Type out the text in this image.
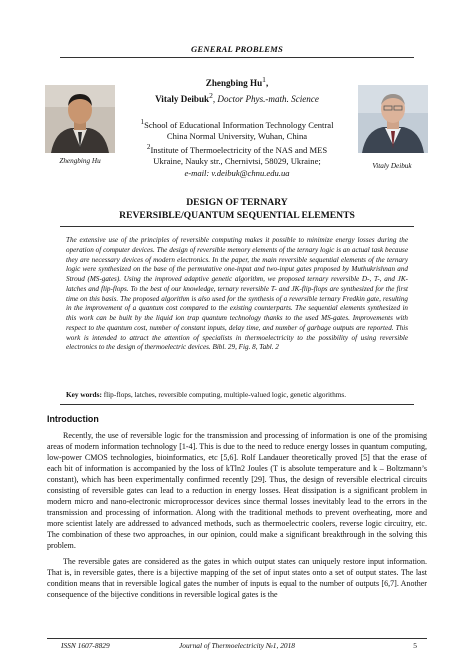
GENERAL PROBLEMS
Zhengbing Hu
Vitaly Deibuk
Zhengbing Hu$^1$,
Vitaly Deibuk$^2$, Doctor Phys.-math. Science
$^1$School of Educational Information Technology Central
China Normal University, Wuhan, China
$^2$Institute of Thermoelectricity of the NAS and MES
Ukraine, Nauky str., Chernivtsi, 58029, Ukraine;
e-mail: v.deibuk@chnu.edu.ua
DESIGN OF TERNARY
REVERSIBLE/QUANTUM SEQUENTIAL ELEMENTS
The extensive use of the principles of reversible computing makes it possible to minimize energy losses during the operation of computer devices. The design of reversible memory elements of the ternary logic is an actual task because they are necessary devices of modern electronics. In the paper, the main reversible sequential elements of the ternary logic were synthesized on the base of the permutative one-input and two-input gates proposed by Muthukrishnan and Stroud (MS-gates). Using the improved adaptive genetic algorithm, we proposed ternary reversible D-, T-, and JK-latches and flip-flops. To the best of our knowledge, ternary reversible T- and JK-flip-flops are synthesized for the first time on this basis. The proposed algorithm is also used for the synthesis of a reversible ternary Fredkin gate, resulting in the improvement of a quantum cost compared to the existing counterparts. The sequential elements synthesized in this work can be built by the liquid ion trap quantum technology thanks to the used MS-gates. Improvements with respect to the quantum cost, number of constant inputs, delay time, and number of garbage outputs are reported. This work is intended to attract the attention of specialists in thermoelectricity to the possibility of using reversible electronics to the design of thermoelectric devices. Bibl. 29, Fig. 8, Tabl. 2
Key words: flip-flops, latches, reversible computing, multiple-valued logic, genetic algorithms.
Introduction

Recently, the use of reversible logic for the transmission and processing of information is one of the promising areas of modern information technology [1-4]. This is due to the need to reduce energy losses in quantum computing, low-power CMOS technologies, bioinformatics, etc [5,6]. Rolf Landauer theoretically proved [5] that the erase of each bit of information is accompanied by the loss of kTln2 Joules (T is absolute temperature and k – Boltzmann’s constant), which has been experimentally confirmed recently [29]. Thus, the design of reversible electrical circuits consisting of reversible gates can lead to a reduction in energy losses. Heat dissipation is a significant problem in modern micro and nano-electronic microprocessor devices since thermal losses inevitably lead to the errors in the transmission and processing of information. Along with the traditional methods to prevent overheating, more and more scientist lately are addressed to advanced methods, such as thermoelectric coolers, reverse logic circuitry, etc. The combination of these two approaches, in our opinion, could make a significant breakthrough in the solving this problem.

The reversible gates are considered as the gates in which output states can uniquely restore input information. That is, in reversible gates, there is a bijective mapping of the set of input states onto a set of output states. The last condition means that in reversible logical gates the number of inputs is equal to the number of outputs [6,7]. Another consequence of the bijective conditions in reversible logical gates is the

ISSN 1607-8829	Journal of Thermoelectricity №1, 2018	5
